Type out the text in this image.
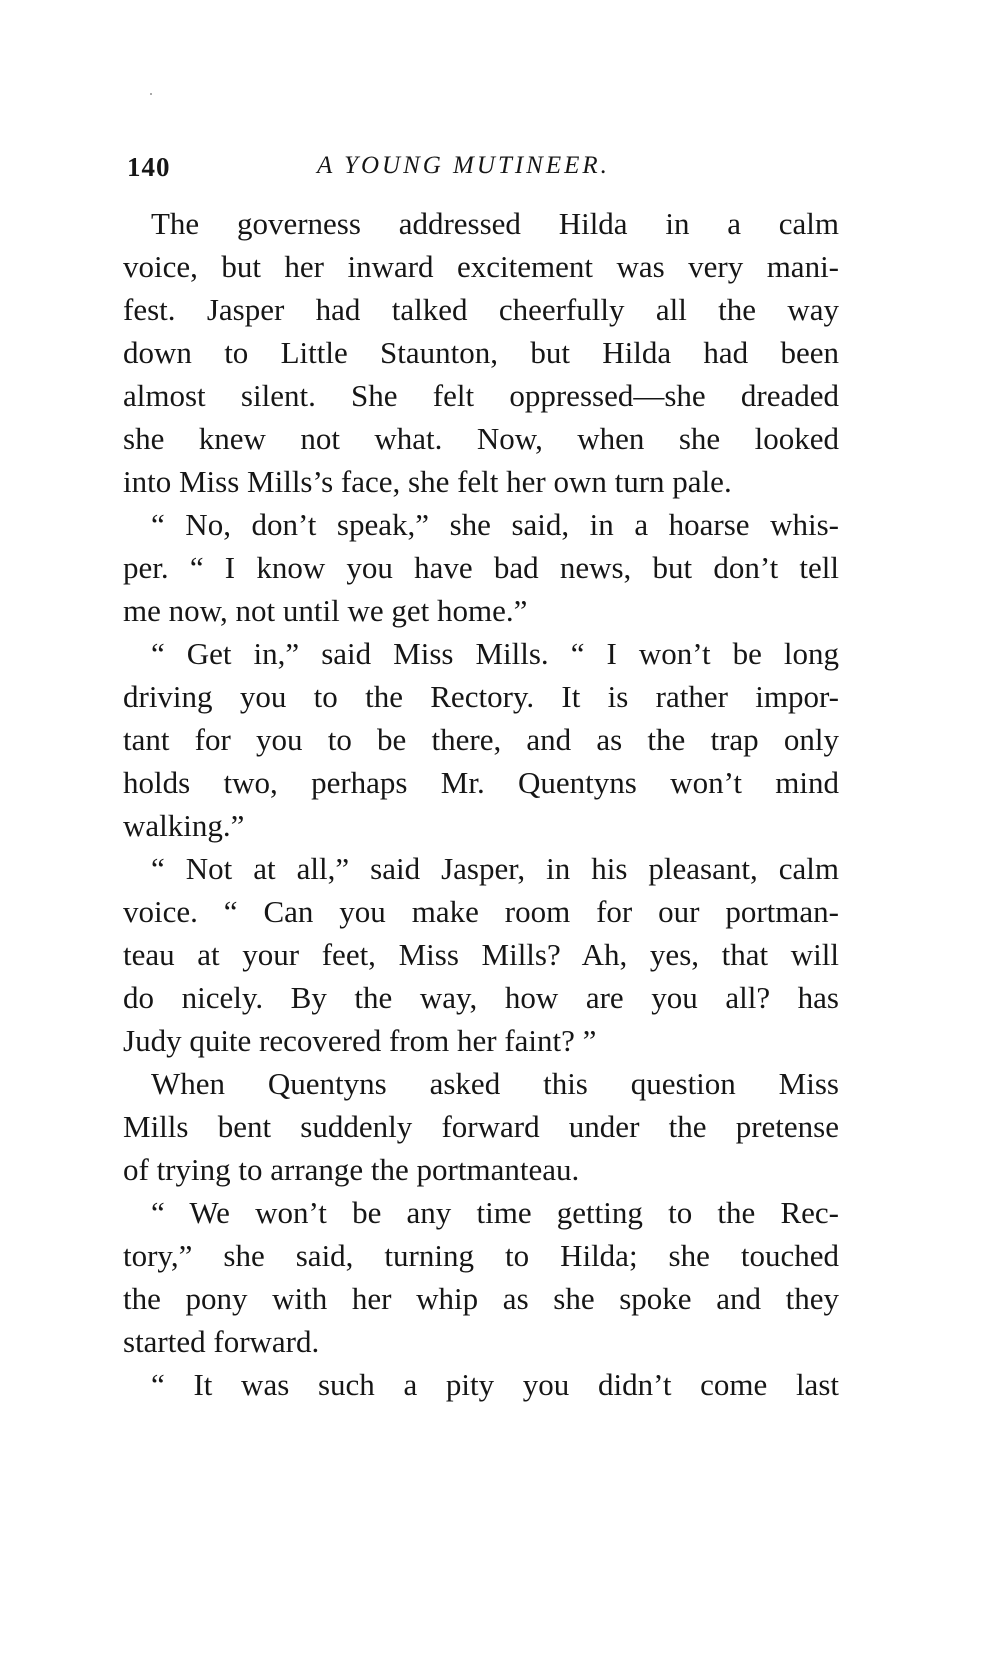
140	A YOUNG MUTINEER.
The governess addressed Hilda in a calm
voice, but her inward excitement was very mani-
fest. Jasper had talked cheerfully all the way
down to Little Staunton, but Hilda had been
almost silent. She felt oppressed—she dreaded
she knew not what. Now, when she looked
into Miss Mills’s face, she felt her own turn pale.
“ No, don’t speak,” she said, in a hoarse whis-
per. “ I know you have bad news, but don’t tell
me now, not until we get home.”
“ Get in,” said Miss Mills. “ I won’t be long
driving you to the Rectory. It is rather impor-
tant for you to be there, and as the trap only
holds two, perhaps Mr. Quentyns won’t mind
walking.”
“ Not at all,” said Jasper, in his pleasant, calm
voice. “ Can you make room for our portman-
teau at your feet, Miss Mills? Ah, yes, that will
do nicely. By the way, how are you all? has
Judy quite recovered from her faint? ”
When Quentyns asked this question Miss
Mills bent suddenly forward under the pretense
of trying to arrange the portmanteau.
“ We won’t be any time getting to the Rec-
tory,” she said, turning to Hilda; she touched
the pony with her whip as she spoke and they
started forward.
“ It was such a pity you didn’t come last
